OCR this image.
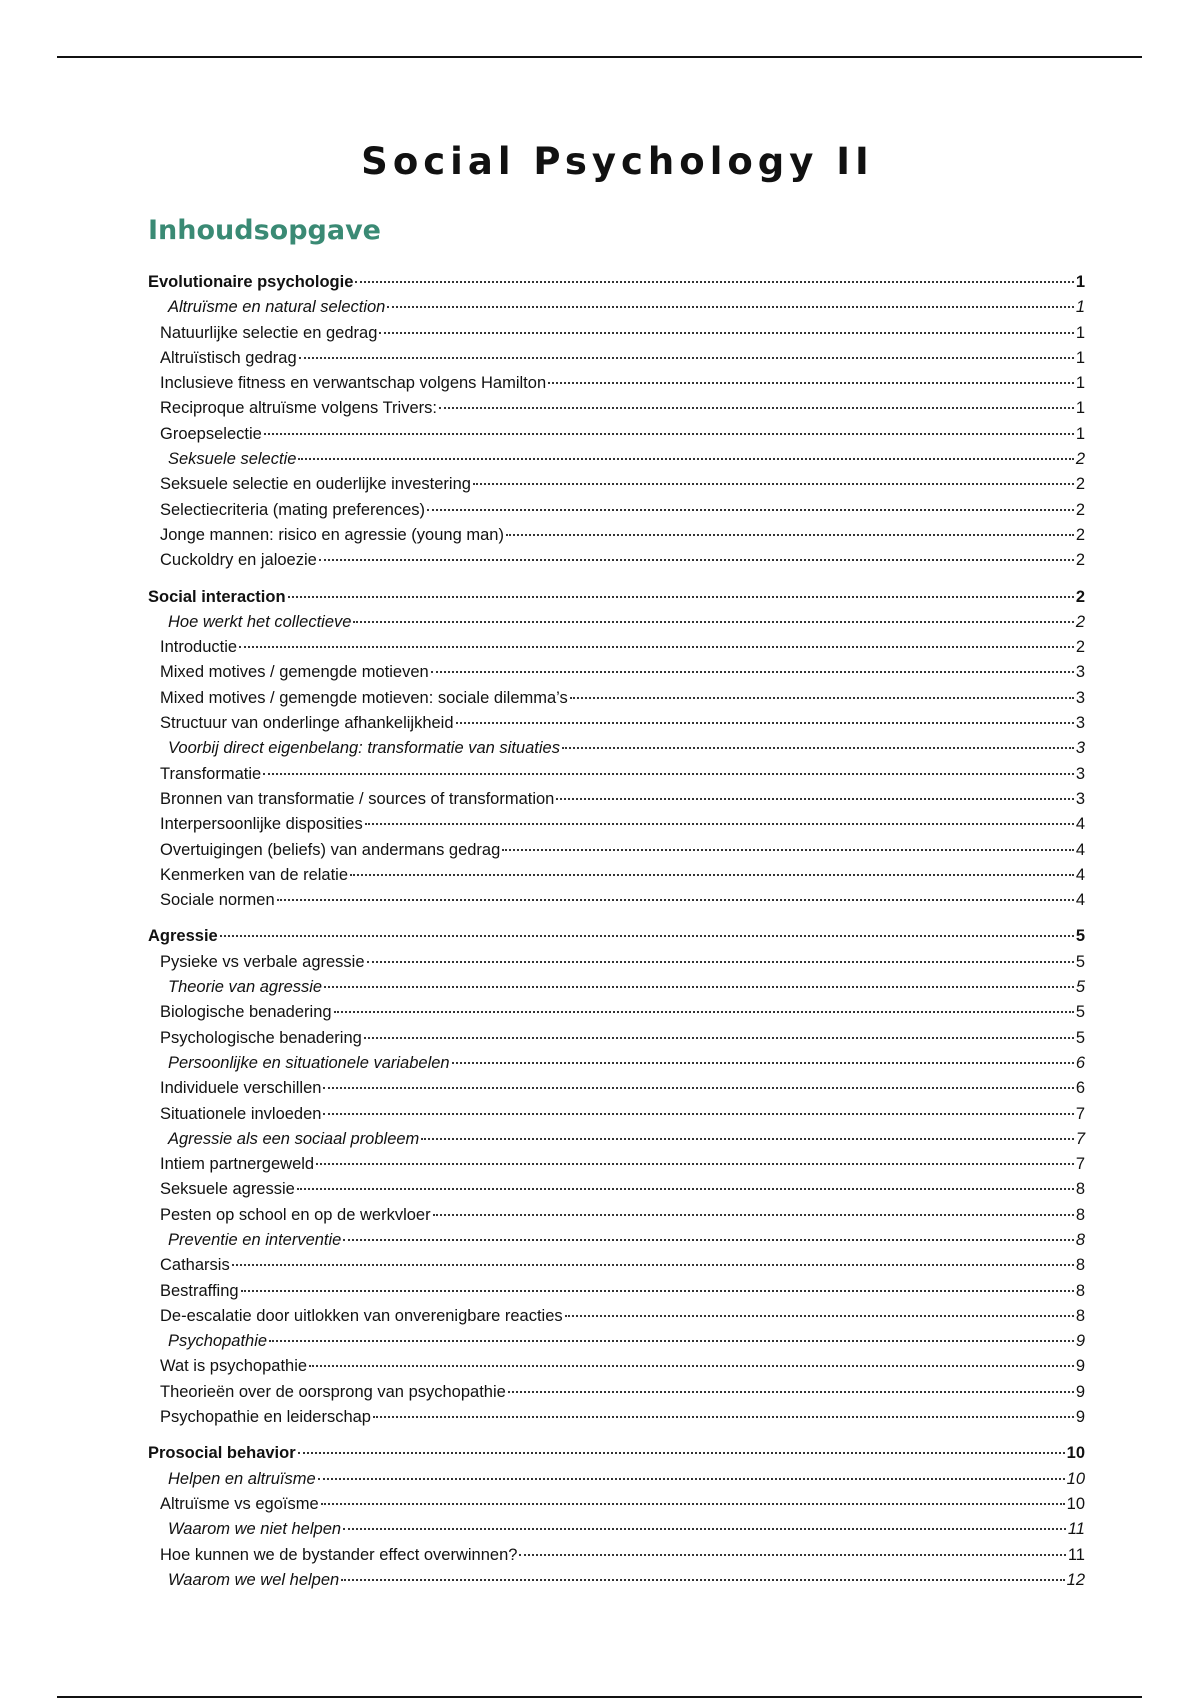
Social Psychology II
Inhoudsopgave
Evolutionaire psychologie	1
Altruïsme en natural selection	1
Natuurlijke selectie en gedrag	1
Altruïstisch gedrag	1
Inclusieve fitness en verwantschap volgens Hamilton	1
Reciproque altruïsme volgens Trivers:	1
Groepselectie	1
Seksuele selectie	2
Seksuele selectie en ouderlijke investering	2
Selectiecriteria (mating preferences)	2
Jonge mannen: risico en agressie (young man)	2
Cuckoldry en jaloezie	2
Social interaction	2
Hoe werkt het collectieve	2
Introductie	2
Mixed motives / gemengde motieven	3
Mixed motives / gemengde motieven: sociale dilemma’s	3
Structuur van onderlinge afhankelijkheid	3
Voorbij direct eigenbelang: transformatie van situaties	3
Transformatie	3
Bronnen van transformatie / sources of transformation	3
Interpersoonlijke disposities	4
Overtuigingen (beliefs) van andermans gedrag	4
Kenmerken van de relatie	4
Sociale normen	4
Agressie	5
Pysieke vs verbale agressie	5
Theorie van agressie	5
Biologische benadering	5
Psychologische benadering	5
Persoonlijke en situationele variabelen	6
Individuele verschillen	6
Situationele invloeden	7
Agressie als een sociaal probleem	7
Intiem partnergeweld	7
Seksuele agressie	8
Pesten op school en op de werkvloer	8
Preventie en interventie	8
Catharsis	8
Bestraffing	8
De-escalatie door uitlokken van onverenigbare reacties	8
Psychopathie	9
Wat is psychopathie	9
Theorieën over de oorsprong van psychopathie	9
Psychopathie en leiderschap	9
Prosocial behavior	10
Helpen en altruïsme	10
Altruïsme vs egoïsme	10
Waarom we niet helpen	11
Hoe kunnen we de bystander effect overwinnen?	11
Waarom we wel helpen	12
